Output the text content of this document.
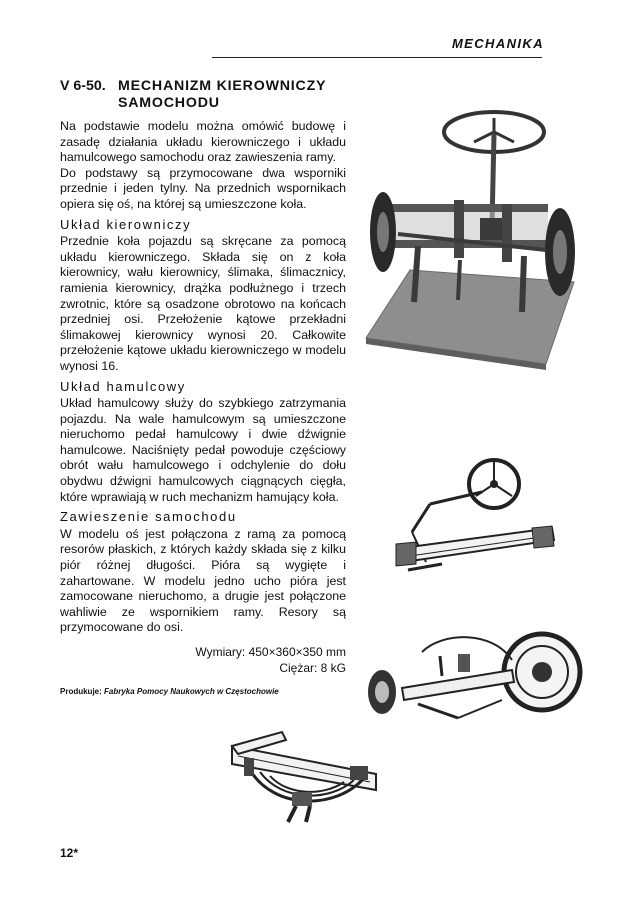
MECHANIKA
V 6-50. MECHANIZM KIEROWNICZY SAMOCHODU

Na podstawie modelu można omówić budowę i zasadę działania układu kierowniczego i układu hamulcowego samochodu oraz zawieszenia ramy.

Do podstawy są przymocowane dwa wsporniki przednie i jeden tylny. Na przednich wspornikach opiera się oś, na której są umieszczone koła.

Układ kierowniczy

Przednie koła pojazdu są skręcane za pomocą układu kierowniczego. Składa się on z koła kierownicy, wału kierownicy, ślimaka, ślimacznicy, ramienia kierownicy, drążka podłużnego i trzech zwrotnic, które są osadzone obrotowo na końcach przedniej osi. Przełożenie kątowe przekładni ślimakowej kierownicy wynosi 20. Całkowite przełożenie kątowe układu kierowniczego w modelu wynosi 16.

Układ hamulcowy

Układ hamulcowy służy do szybkiego zatrzymania pojazdu. Na wale hamulcowym są umieszczone nieruchomo pedał hamulcowy i dwie dźwignie hamulcowe. Naciśnięty pedał powoduje częściowy obrót wału hamulcowego i odchylenie do dołu obydwu dźwigni hamulcowych ciągnących cięgła, które wprawiają w ruch mechanizm hamujący koła.

Zawieszenie samochodu

W modelu oś jest połączona z ramą za pomocą resorów płaskich, z których każdy składa się z kilku piór różnej długości. Pióra są wygięte i zahartowane. W modelu jedno ucho pióra jest zamocowane nieruchomo, a drugie jest połączone wahliwie ze wspornikiem ramy. Resory są przymocowane do osi.

Wymiary: 450×360×350 mm
Ciężar: 8 kG
Produkuje: Fabryka Pomocy Naukowych w Częstochowie
12*
